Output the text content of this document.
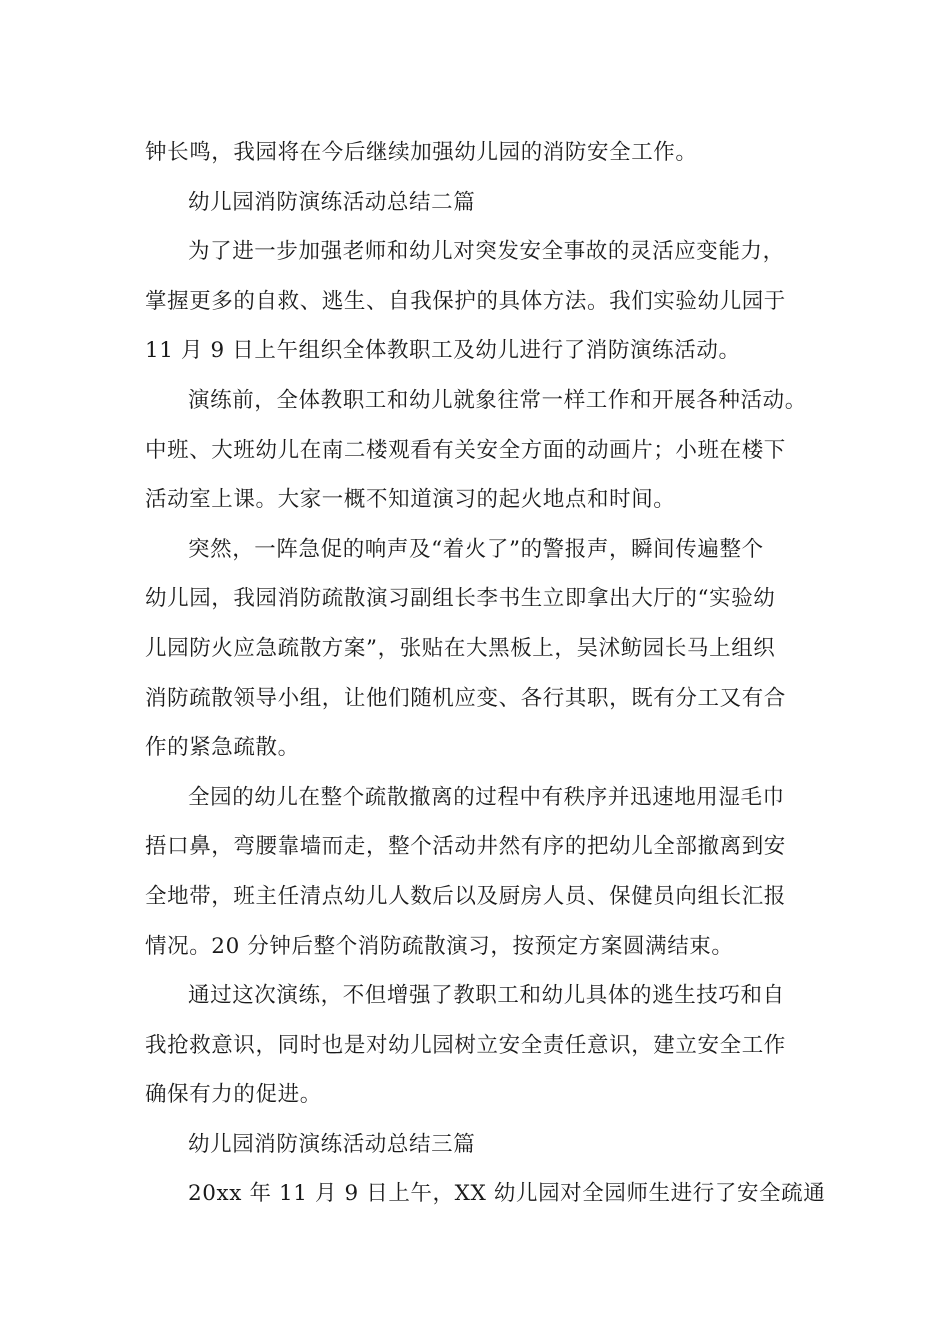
钟长鸣，我园将在今后继续加强幼儿园的消防安全工作。
幼儿园消防演练活动总结二篇
为了进一步加强老师和幼儿对突发安全事故的灵活应变能力，
掌握更多的自救、逃生、自我保护的具体方法。我们实验幼儿园于
11 月 9 日上午组织全体教职工及幼儿进行了消防演练活动。
演练前，全体教职工和幼儿就象往常一样工作和开展各种活动。
中班、大班幼儿在南二楼观看有关安全方面的动画片；小班在楼下
活动室上课。大家一概不知道演习的起火地点和时间。
突然，一阵急促的响声及“着火了”的警报声，瞬间传遍整个
幼儿园，我园消防疏散演习副组长李书生立即拿出大厅的“实验幼
儿园防火应急疏散方案”，张贴在大黑板上，吴沭鲂园长马上组织
消防疏散领导小组，让他们随机应变、各行其职，既有分工又有合
作的紧急疏散。
全园的幼儿在整个疏散撤离的过程中有秩序并迅速地用湿毛巾
捂口鼻，弯腰靠墙而走，整个活动井然有序的把幼儿全部撤离到安
全地带，班主任清点幼儿人数后以及厨房人员、保健员向组长汇报
情况。20 分钟后整个消防疏散演习，按预定方案圆满结束。
通过这次演练，不但增强了教职工和幼儿具体的逃生技巧和自
我抢救意识，同时也是对幼儿园树立安全责任意识，建立安全工作
确保有力的促进。
幼儿园消防演练活动总结三篇
20xx 年 11 月 9 日上午，XX 幼儿园对全园师生进行了安全疏通
